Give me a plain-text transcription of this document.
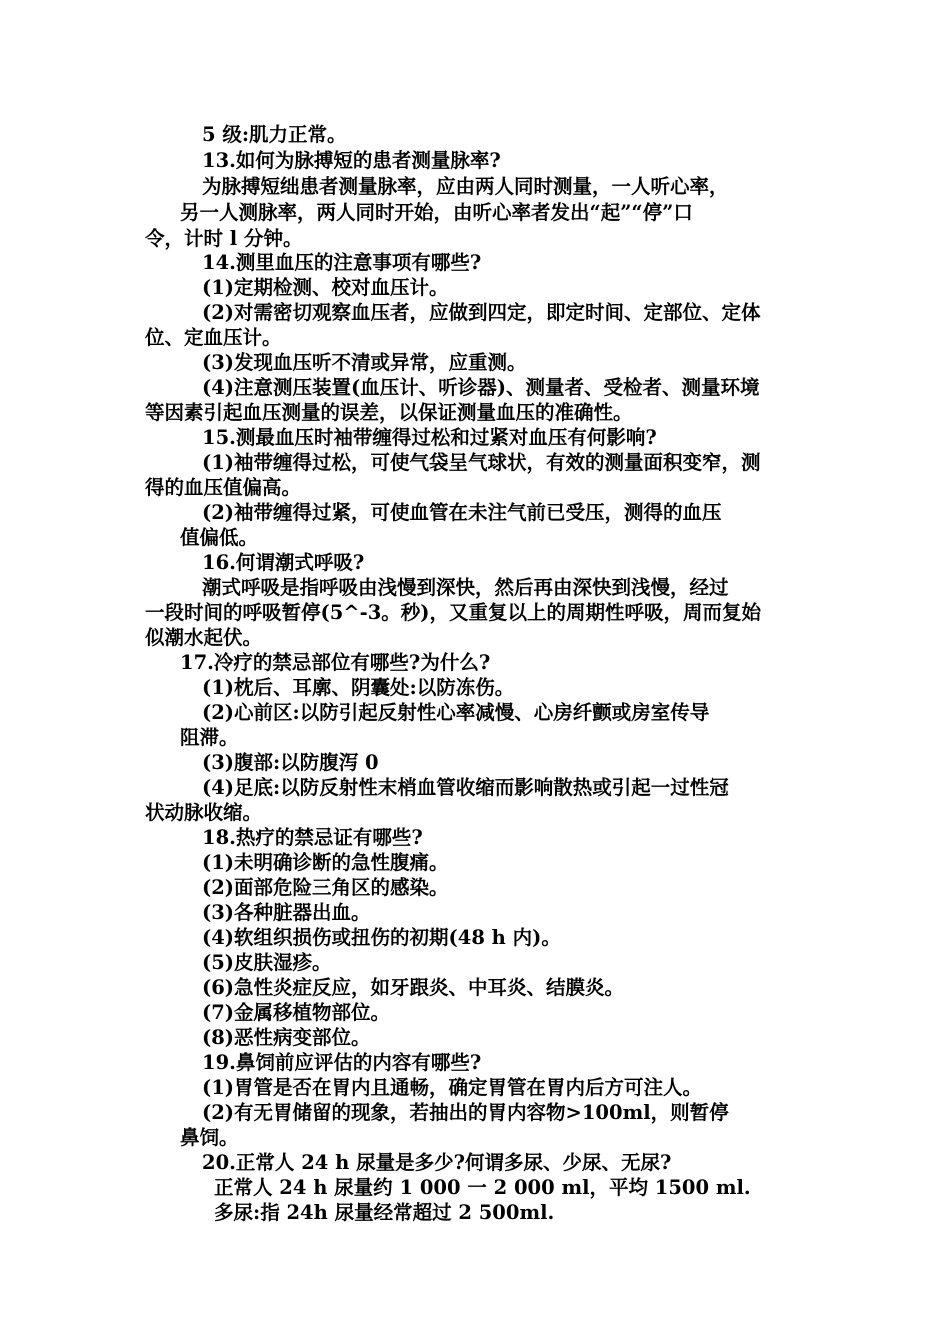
5 级:肌力正常。
13.如何为脉搏短的患者测量脉率?
为脉搏短绌患者测量脉率，应由两人同时测量，一人听心率，
另一人测脉率，两人同时开始，由听心率者发出“起”“停”口
令，计时 l 分钟。
14.测里血压的注意事项有哪些?
(1)定期检测、校对血压计。
(2)对需密切观察血压者，应做到四定，即定时间、定部位、定体
位、定血压计。
(3)发现血压听不清或异常，应重测。
(4)注意测压装置(血压计、听诊器)、测量者、受检者、测量环境
等因素引起血压测量的误差，以保证测量血压的准确性。
15.测最血压时袖带缠得过松和过紧对血压有何影响?
(1)袖带缠得过松，可使气袋呈气球状，有效的测量面积变窄，测
得的血压值偏高。
(2)袖带缠得过紧，可使血管在未注气前已受压，测得的血压
值偏低。
16.何谓潮式呼吸?
潮式呼吸是指呼吸由浅慢到深快，然后再由深快到浅慢，经过
一段时间的呼吸暂停(5^-3。秒)，又重复以上的周期性呼吸，周而复始
似潮水起伏。
17.冷疗的禁忌部位有哪些?为什么?
(1)枕后、耳廓、阴囊处:以防冻伤。
(2)心前区:以防引起反射性心率减慢、心房纤颤或房室传导
阻滞。
(3)腹部:以防腹泻 0
(4)足底:以防反射性末梢血管收缩而影响散热或引起一过性冠
状动脉收缩。
18.热疗的禁忌证有哪些?
(1)未明确诊断的急性腹痛。
(2)面部危险三角区的感染。
(3)各种脏器出血。
(4)软组织损伤或扭伤的初期(48 h 内)。
(5)皮肤湿疹。
(6)急性炎症反应，如牙跟炎、中耳炎、结膜炎。
(7)金属移植物部位。
(8)恶性病变部位。
19.鼻饲前应评估的内容有哪些?
(1)胃管是否在胃内且通畅，确定胃管在胃内后方可注人。
(2)有无胃储留的现象，若抽出的胃内容物>100ml，则暂停
鼻饲。
20.正常人 24 h 尿量是多少?何谓多尿、少尿、无尿?
正常人 24 h 尿量约 1 000 一 2 000 ml，平均 1500 ml.
多尿:指 24h 尿量经常超过 2 500ml.
